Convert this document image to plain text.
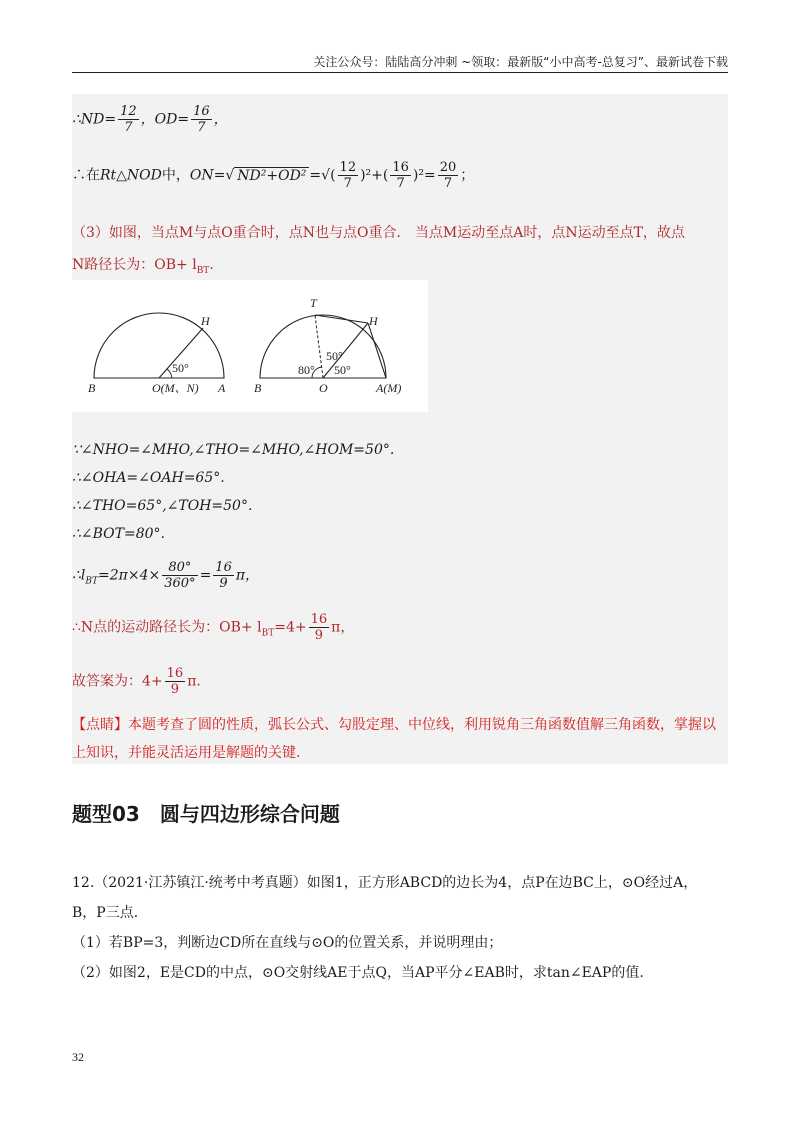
关注公众号：陆陆高分冲刺 ~领取：最新版“小中高考-总复习”、最新试卷下载
∴ND= $\frac{12}{7}$ ，$OD= \frac{16}{7}$ ，
∴在Rt△NOD中，ON=√ ND²+OD² =√( $\frac{12}{7} )^2+( \frac{16}{7} )^2= \frac{20}{7}$ ；
（3）如图，当点M与点O重合时，点N也与点O重合． 当点M运动至点A时，点N运动至点T，故点
N路径长为：$OB+ l_{BT}$.
∵∠NHO=∠MHO,∠THO=∠MHO,∠HOM=50°.
∴∠OHA=∠OAH=65°.
∴∠THO=65°,∠TOH=50°.
∴∠BOT=80°.
$\therefore l_{BT}=2\pi\times 4\times \frac{80^\circ}{360^\circ} = \frac{16}{9}$ π，
∴N点的运动路径长为：$OB+ l_{BT}=4+ \frac{16}{9}$ π，
故答案为：$4+ \frac{16}{9} \pi$.
【点睛】本题考查了圆的性质，弧长公式、勾股定理、中位线，利用锐角三角函数值解三角函数，掌握以
上知识，并能灵活运用是解题的关键.
H
50°
B	O(M、N) A
T
H
50°
50°
80°
B	O	A(M)
题型03　圆与四边形综合问题
12.（2021·江苏镇江·统考中考真题）如图1，正方形ABCD的边长为4，点P在边BC上，⊙O经过A，
B，P三点．
（1）若BP=3，判断边CD所在直线与⊙O的位置关系，并说明理由；
（2）如图2，E是CD的中点，⊙O交射线AE于点Q，当AP平分∠EAB时，求tan∠EAP的值.
32
